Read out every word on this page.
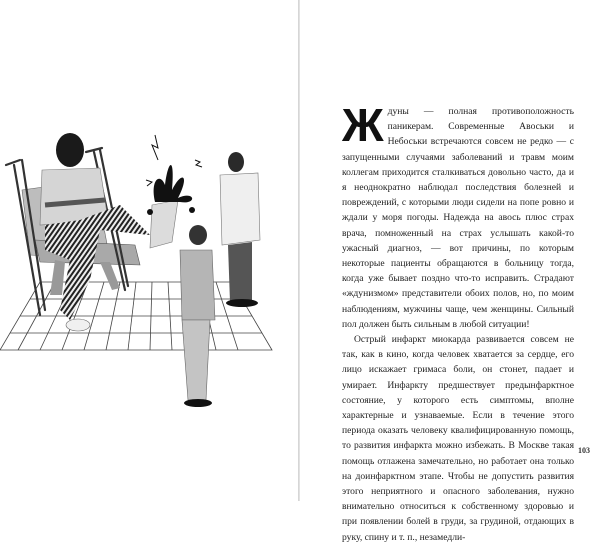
Ждуны — полная противоположность паникерам. Современные Авоськи и Небоськи встречаются совсем не редко — с запущенными случаями заболеваний и травм моим коллегам приходится сталкиваться довольно часто, да и я неоднократно наблюдал последствия болезней и повреждений, с которыми люди сидели на попе ровно и ждали у моря погоды. Надежда на авось плюс страх врача, помноженный на страх услышать какой-то ужасный диагноз, — вот причины, по которым некоторые пациенты обращаются в больницу тогда, когда уже бывает поздно что-то исправить. Страдают «ждунизмом» представители обоих полов, но, по моим наблюдениям, мужчины чаще, чем женщины. Сильный пол должен быть сильным в любой ситуации!

Острый инфаркт миокарда развивается совсем не так, как в кино, когда человек хватается за сердце, его лицо искажает гримаса боли, он стонет, падает и умирает. Инфаркту предшествует предынфарктное состояние, у которого есть симптомы, вполне характерные и узнаваемые. Если в течение этого периода оказать человеку квалифицированную помощь, то развития инфаркта можно избежать. В Москве такая помощь отлажена замечательно, но работает она только на доинфарктном этапе. Чтобы не допустить развития этого неприятного и опасного заболевания, нужно внимательно относиться к собственному здоровью и при появлении болей в груди, за грудиной, отдающих в руку, спину и т. п., незамедли-

103
